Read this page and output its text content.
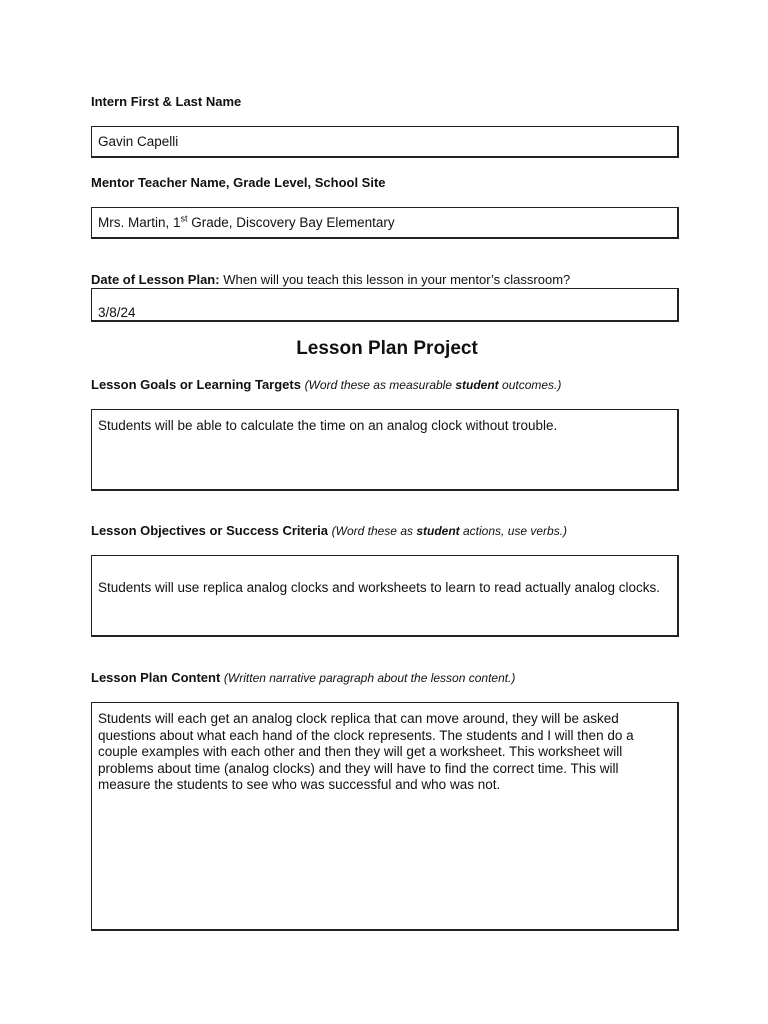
Intern First & Last Name
Gavin Capelli
Mentor Teacher Name, Grade Level, School Site
Mrs. Martin, 1st Grade, Discovery Bay Elementary
Date of Lesson Plan: When will you teach this lesson in your mentor’s classroom?
3/8/24
Lesson Plan Project
Lesson Goals or Learning Targets (Word these as measurable student outcomes.)
Students will be able to calculate the time on an analog clock without trouble.
Lesson Objectives or Success Criteria (Word these as student actions, use verbs.)
Students will use replica analog clocks and worksheets to learn to read actually analog clocks.
Lesson Plan Content (Written narrative paragraph about the lesson content.)
Students will each get an analog clock replica that can move around, they will be asked
questions about what each hand of the clock represents. The students and I will then do a
couple examples with each other and then they will get a worksheet. This worksheet will
problems about time (analog clocks) and they will have to find the correct time. This will
measure the students to see who was successful and who was not.
